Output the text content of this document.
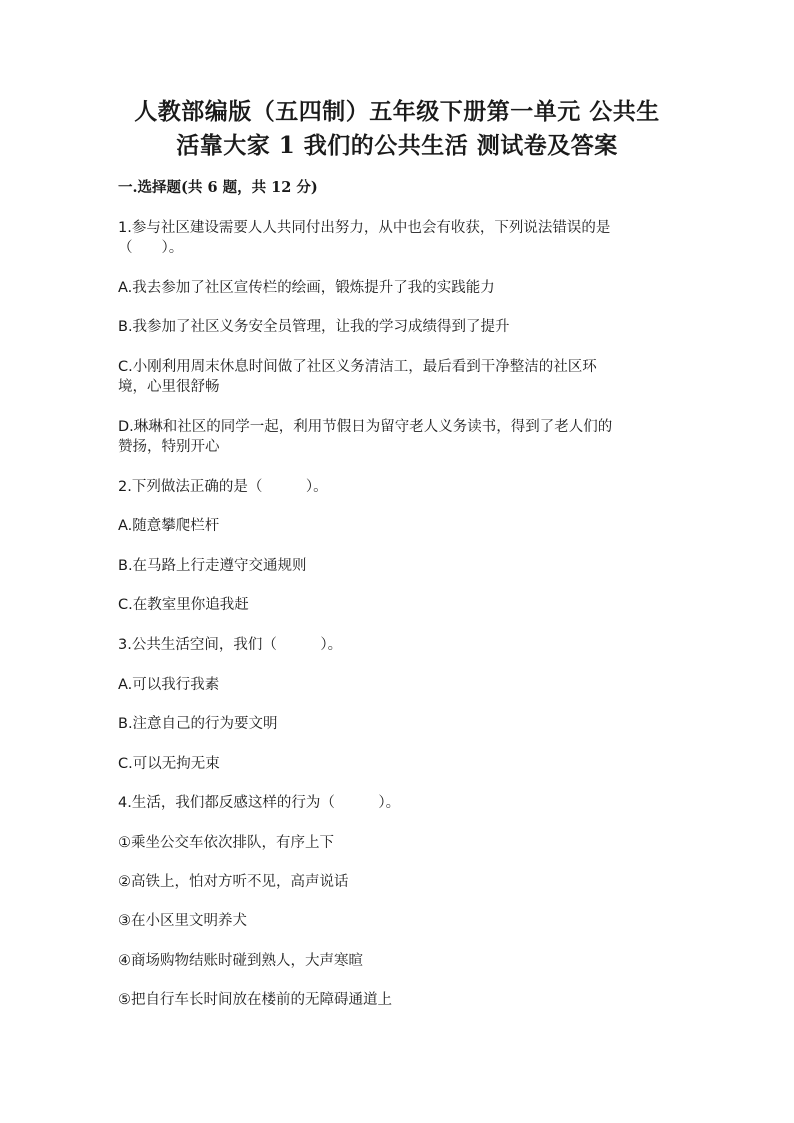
人教部编版（五四制）五年级下册第一单元 公共生
活靠大家 1 我们的公共生活 测试卷及答案
一.选择题(共 6 题，共 12 分)
1.参与社区建设需要人人共同付出努力，从中也会有收获，下列说法错误的是
（　　）。
A.我去参加了社区宣传栏的绘画，锻炼提升了我的实践能力
B.我参加了社区义务安全员管理，让我的学习成绩得到了提升
C.小刚利用周末休息时间做了社区义务清洁工，最后看到干净整洁的社区环
境，心里很舒畅
D.琳琳和社区的同学一起，利用节假日为留守老人义务读书，得到了老人们的
赞扬，特别开心
2.下列做法正确的是（　　　）。
A.随意攀爬栏杆
B.在马路上行走遵守交通规则
C.在教室里你追我赶
3.公共生活空间，我们（　　　）。
A.可以我行我素
B.注意自己的行为要文明
C.可以无拘无束
4.生活，我们都反感这样的行为（　　　）。
①乘坐公交车依次排队，有序上下
②高铁上，怕对方听不见，高声说话
③在小区里文明养犬
④商场购物结账时碰到熟人，大声寒暄
⑤把自行车长时间放在楼前的无障碍通道上
